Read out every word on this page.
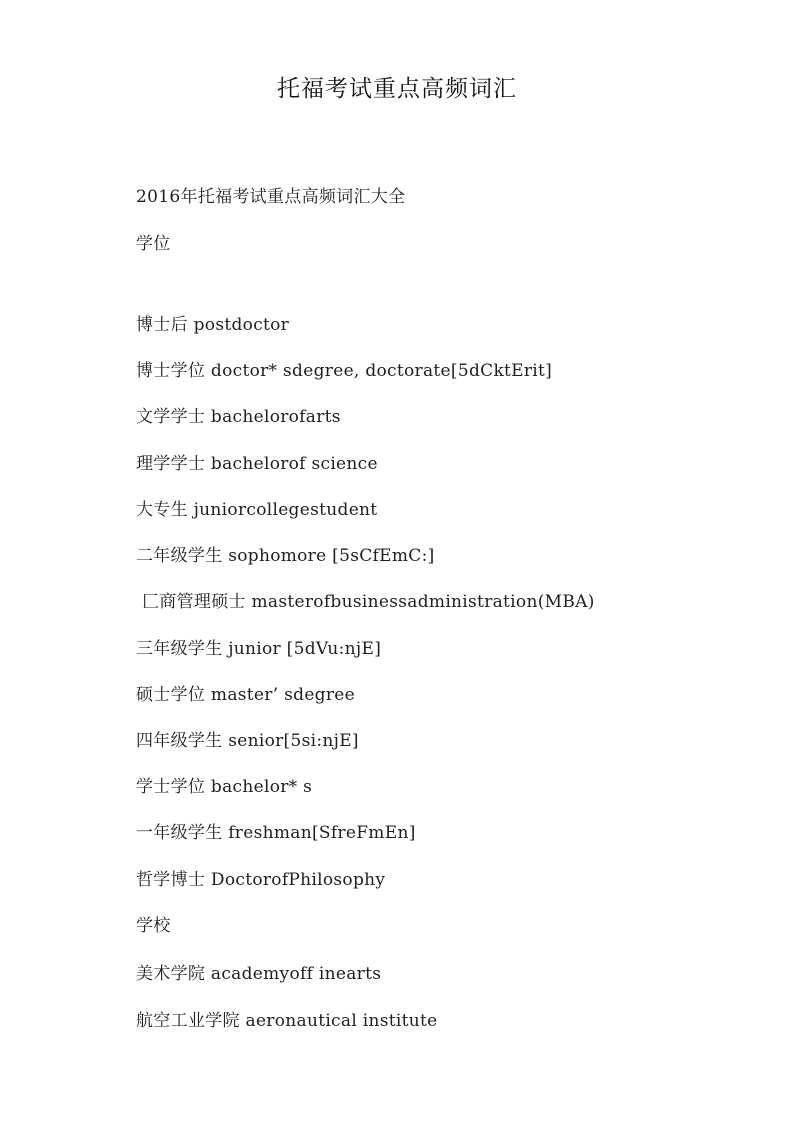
托福考试重点高频词汇
2016年托福考试重点高频词汇大全
学位
博士后 postdoctor
博士学位 doctor* sdegree, doctorate[5dCktErit]
文学学士 bachelorofarts
理学学士 bachelorof science
大专生 juniorcollegestudent
二年级学生 sophomore [5sCfEmC:]
匚商管理硕士 masterofbusinessadministration(MBA)
三年级学生 junior [5dVu:njE]
硕士学位 master’ sdegree
四年级学生 senior[5si:njE]
学士学位 bachelor* s
一年级学生 freshman[SfreFmEn]
哲学博士 DoctorofPhilosophy
学校
美术学院 academyoff inearts
航空工业学院 aeronautical institute
